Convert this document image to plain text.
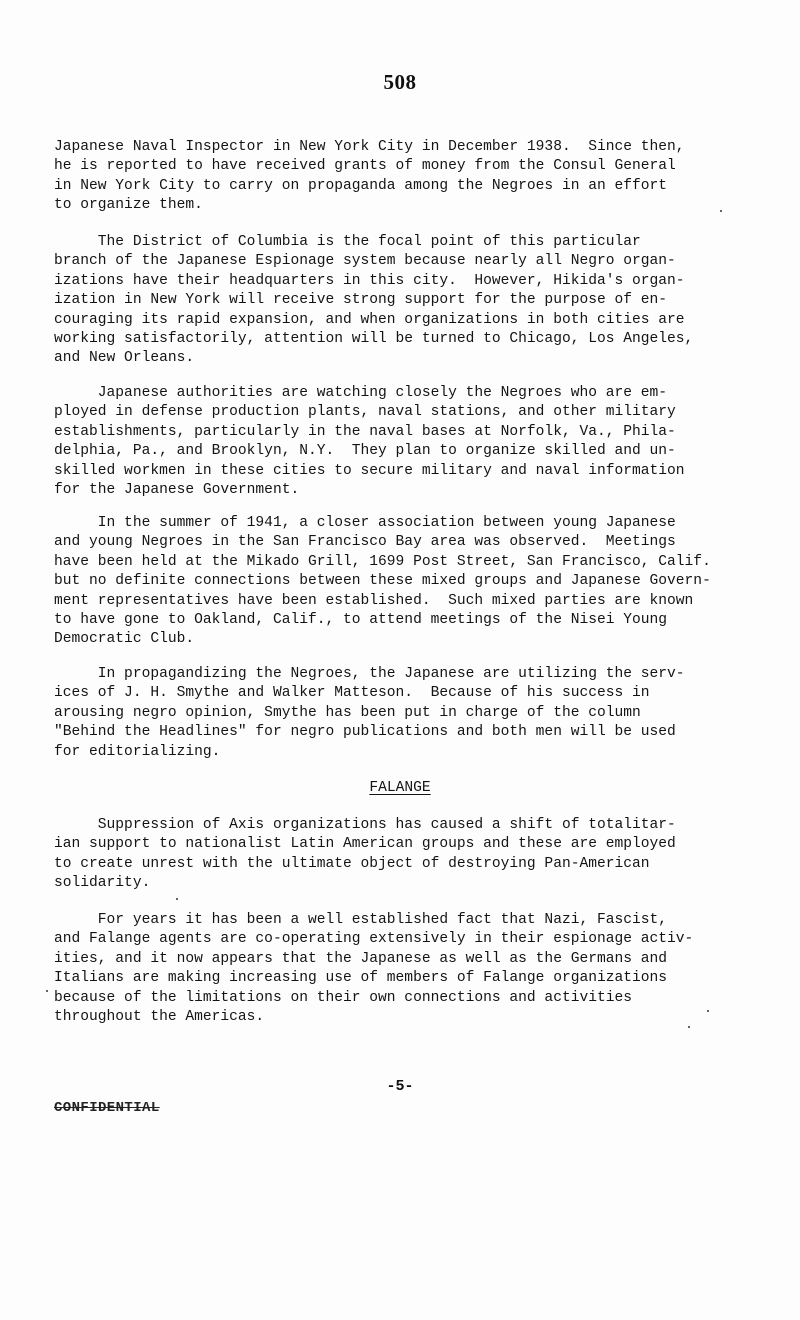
508

Japanese Naval Inspector in New York City in December 1938.  Since then,
he is reported to have received grants of money from the Consul General
in New York City to carry on propaganda among the Negroes in an effort
to organize them.

The District of Columbia is the focal point of this particular
branch of the Japanese Espionage system because nearly all Negro organ-
izations have their headquarters in this city.  However, Hikida's organ-
ization in New York will receive strong support for the purpose of en-
couraging its rapid expansion, and when organizations in both cities are
working satisfactorily, attention will be turned to Chicago, Los Angeles,
and New Orleans.

Japanese authorities are watching closely the Negroes who are em-
ployed in defense production plants, naval stations, and other military
establishments, particularly in the naval bases at Norfolk, Va., Phila-
delphia, Pa., and Brooklyn, N.Y.  They plan to organize skilled and un-
skilled workmen in these cities to secure military and naval information
for the Japanese Government.

In the summer of 1941, a closer association between young Japanese
and young Negroes in the San Francisco Bay area was observed.  Meetings
have been held at the Mikado Grill, 1699 Post Street, San Francisco, Calif.
but no definite connections between these mixed groups and Japanese Govern-
ment representatives have been established.  Such mixed parties are known
to have gone to Oakland, Calif., to attend meetings of the Nisei Young
Democratic Club.

In propagandizing the Negroes, the Japanese are utilizing the serv-
ices of J. H. Smythe and Walker Matteson.  Because of his success in
arousing negro opinion, Smythe has been put in charge of the column
"Behind the Headlines" for negro publications and both men will be used
for editorializing.

FALANGE

Suppression of Axis organizations has caused a shift of totalitar-
ian support to nationalist Latin American groups and these are employed
to create unrest with the ultimate object of destroying Pan-American
solidarity.

For years it has been a well established fact that Nazi, Fascist,
and Falange agents are co-operating extensively in their espionage activ-
ities, and it now appears that the Japanese as well as the Germans and
Italians are making increasing use of members of Falange organizations
because of the limitations on their own connections and activities
throughout the Americas.

-5-
CONFIDENTIAL
